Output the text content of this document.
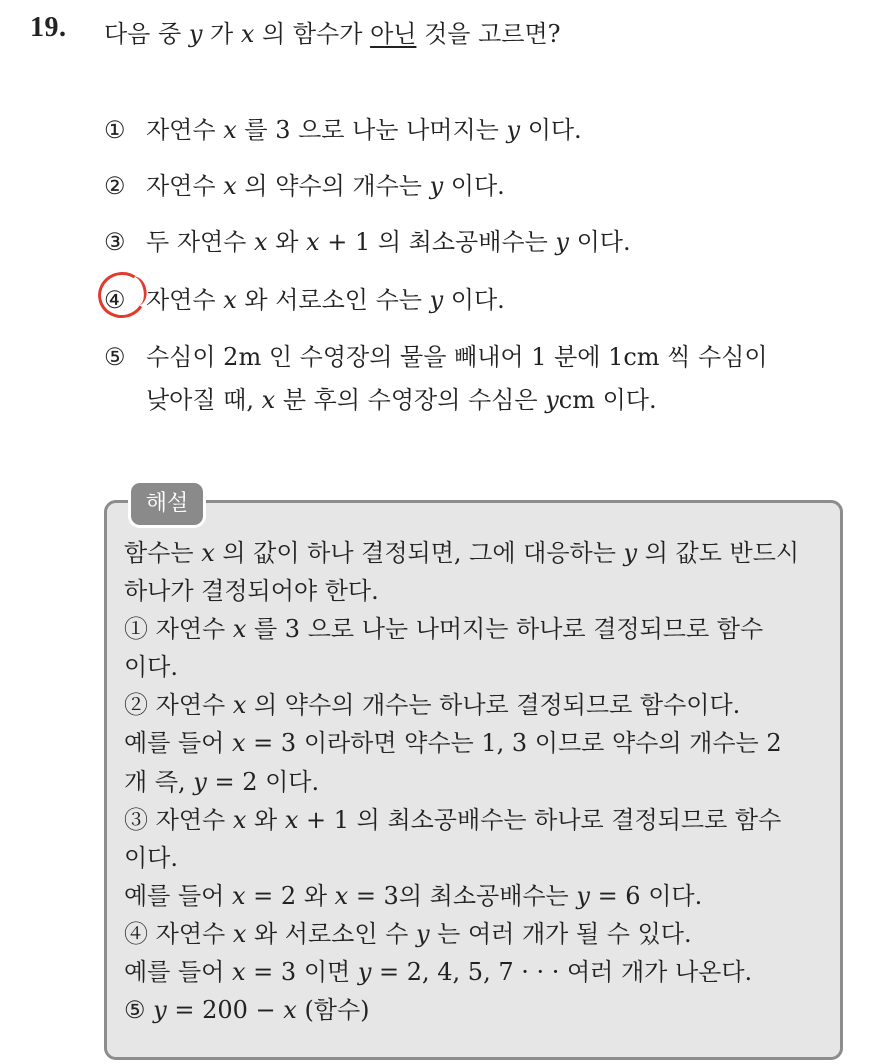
19. 다음 중 y 가 x 의 함수가 아닌 것을 고르면?
① 자연수 x 를 3 으로 나눈 나머지는 y 이다.
② 자연수 x 의 약수의 개수는 y 이다.
③ 두 자연수 x 와 x + 1 의 최소공배수는 y 이다.
④ 자연수 x 와 서로소인 수는 y 이다.
⑤ 수심이 2m 인 수영장의 물을 빼내어 1 분에 1cm 씩 수심이
낮아질 때, x 분 후의 수영장의 수심은 ycm 이다.
해설
함수는 x 의 값이 하나 결정되면, 그에 대응하는 y 의 값도 반드시
하나가 결정되어야 한다.
① 자연수 x 를 3 으로 나눈 나머지는 하나로 결정되므로 함수
이다.
② 자연수 x 의 약수의 개수는 하나로 결정되므로 함수이다.
예를 들어 x = 3 이라하면 약수는 1, 3 이므로 약수의 개수는 2
개 즉, y = 2 이다.
③ 자연수 x 와 x + 1 의 최소공배수는 하나로 결정되므로 함수
이다.
예를 들어 x = 2 와 x = 3의 최소공배수는 y = 6 이다.
④ 자연수 x 와 서로소인 수 y 는 여러 개가 될 수 있다.
예를 들어 x = 3 이면 y = 2, 4, 5, 7 · · · 여러 개가 나온다.
⑤ y = 200 − x (함수)
